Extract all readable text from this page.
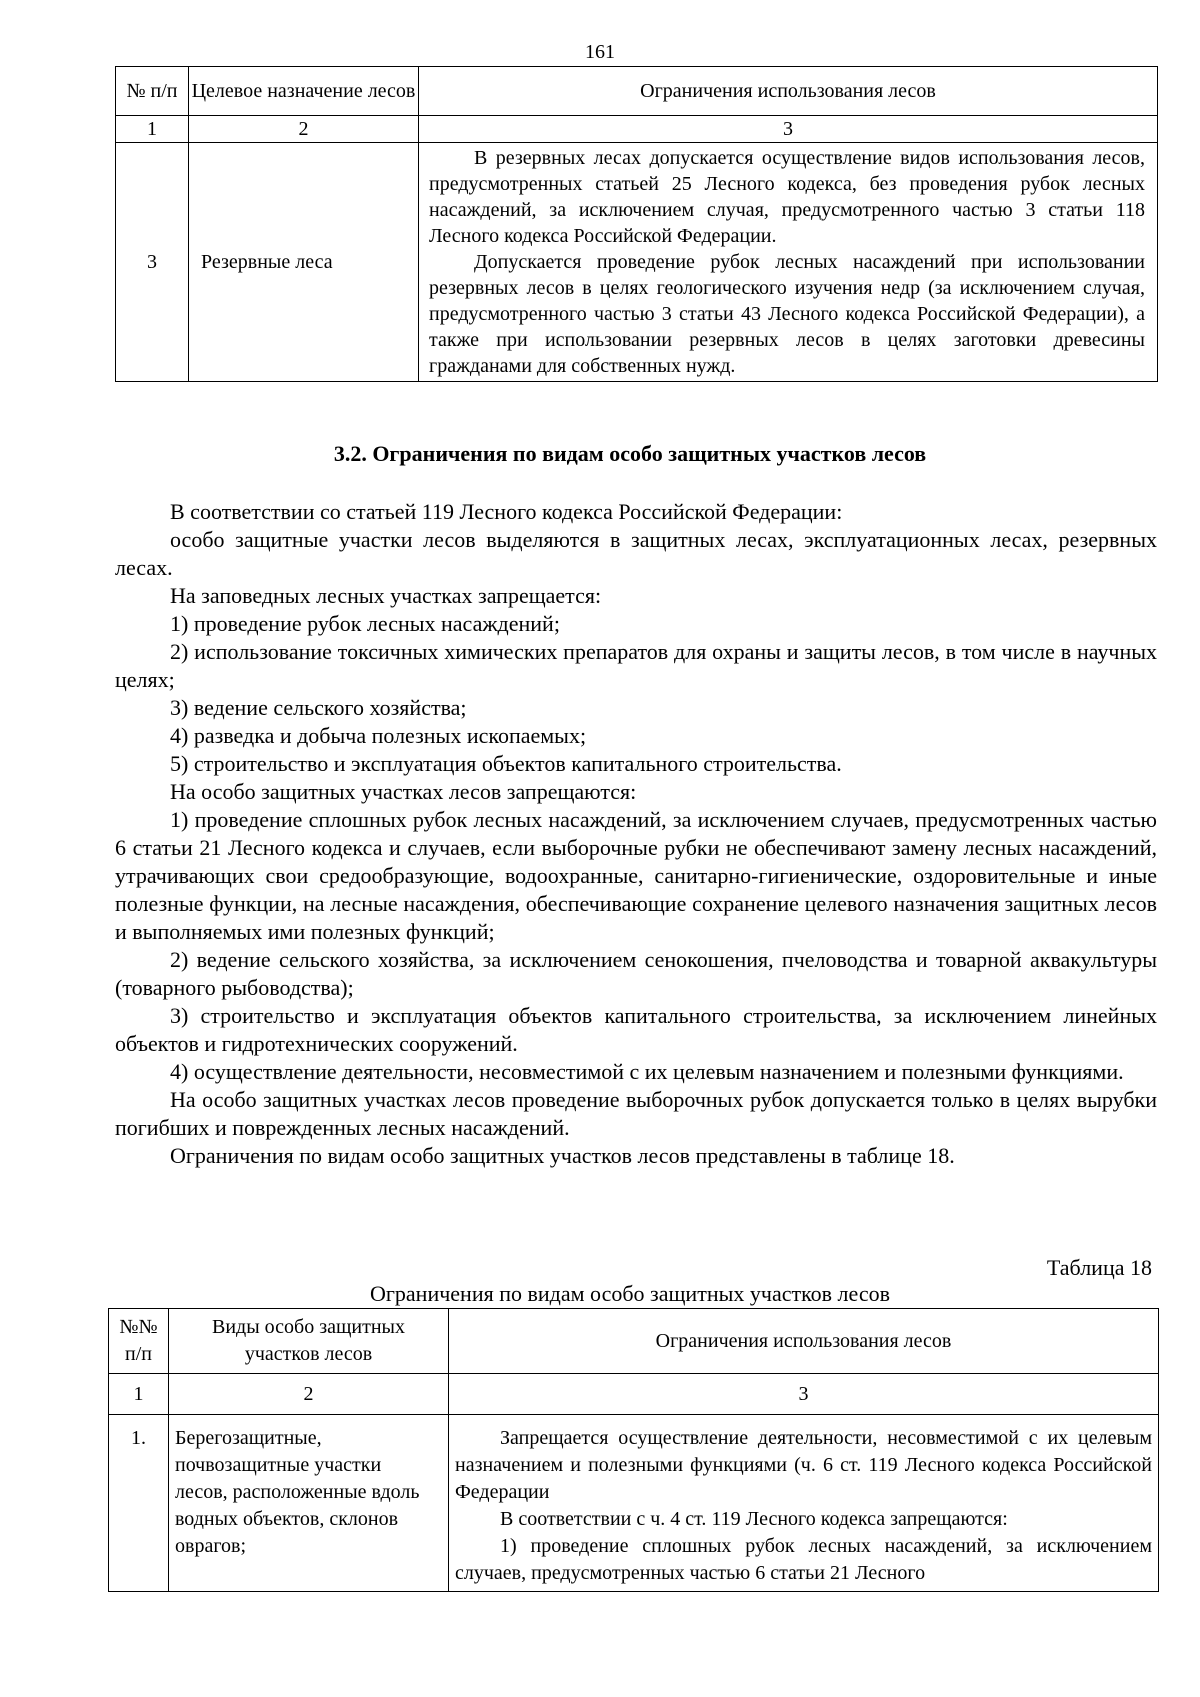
161
№ п/п	Целевое назначение лесов	Ограничения использования лесов
1	2	3
3	Резервные леса	В резервных лесах допускается осуществление видов использования лесов, предусмотренных статьей 25 Лесного кодекса, без проведения рубок лесных насаждений, за исключением случая, предусмотренного частью 3 статьи 118 Лесного кодекса Российской Федерации.

Допускается проведение рубок лесных насаждений при использовании резервных лесов в целях геологического изучения недр (за исключением случая, предусмотренного частью 3 статьи 43 Лесного кодекса Российской Федерации), а также при использовании резервных лесов в целях заготовки древесины гражданами для собственных нужд.

3.2. Ограничения по видам особо защитных участков лесов

В соответствии со статьей 119 Лесного кодекса Российской Федерации:

особо защитные участки лесов выделяются в защитных лесах, эксплуатационных лесах, резервных лесах.

На заповедных лесных участках запрещается:

1) проведение рубок лесных насаждений;

2) использование токсичных химических препаратов для охраны и защиты лесов, в том числе в научных целях;

3) ведение сельского хозяйства;

4) разведка и добыча полезных ископаемых;

5) строительство и эксплуатация объектов капитального строительства.

На особо защитных участках лесов запрещаются:

1) проведение сплошных рубок лесных насаждений, за исключением случаев, предусмотренных частью 6 статьи 21 Лесного кодекса и случаев, если выборочные рубки не обеспечивают замену лесных насаждений, утрачивающих свои средообразующие, водоохранные, санитарно-гигиенические, оздоровительные и иные полезные функции, на лесные насаждения, обеспечивающие сохранение целевого назначения защитных лесов и выполняемых ими полезных функций;

2) ведение сельского хозяйства, за исключением сенокошения, пчеловодства и товарной аквакультуры (товарного рыбоводства);

3) строительство и эксплуатация объектов капитального строительства, за исключением линейных объектов и гидротехнических сооружений.

4) осуществление деятельности, несовместимой с их целевым назначением и полезными функциями.

На особо защитных участках лесов проведение выборочных рубок допускается только в целях вырубки погибших и поврежденных лесных насаждений.

Ограничения по видам особо защитных участков лесов представлены в таблице 18.

Таблица 18
Ограничения по видам особо защитных участков лесов
№№ п/п	Виды особо защитных участков лесов	Ограничения использования лесов
1	2	3
1.	Берегозащитные, почвозащитные участки лесов, расположенные вдоль водных объектов, склонов оврагов;	Запрещается осуществление деятельности, несовместимой с их целевым назначением и полезными функциями (ч. 6 ст. 119 Лесного кодекса Российской Федерации

В соответствии с ч. 4 ст. 119 Лесного кодекса запрещаются:

1) проведение сплошных рубок лесных насаждений, за исключением случаев, предусмотренных частью 6 статьи 21 Лесного
